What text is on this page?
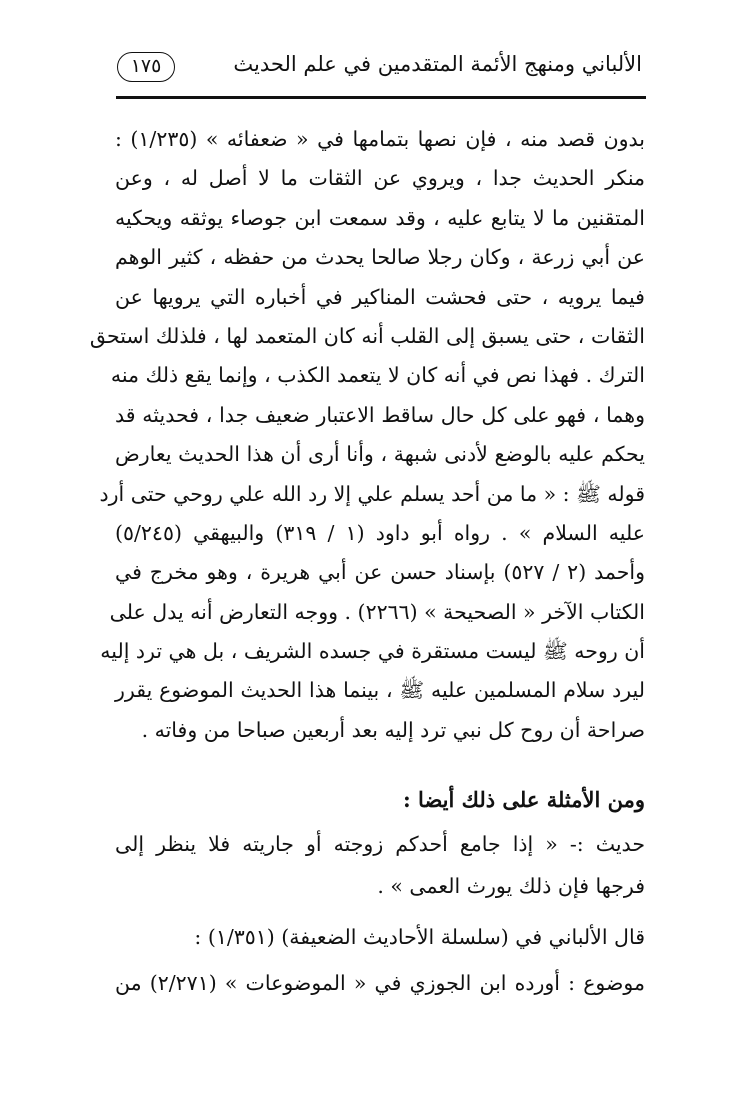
الألباني ومنهج الأئمة المتقدمين في علم الحديث
١٧٥
بدون قصد منه ، فإن نصها بتمامها في « ضعفائه » (١/٢٣٥) :
منكر الحديث جدا ، ويروي عن الثقات ما لا أصل له ، وعن
المتقنين ما لا يتابع عليه ، وقد سمعت ابن جوصاء يوثقه ويحكيه
عن أبي زرعة ، وكان رجلا صالحا يحدث من حفظه ، كثير الوهم
فيما يرويه ، حتى فحشت المناكير في أخباره التي يرويها عن
الثقات ، حتى يسبق إلى القلب أنه كان المتعمد لها ، فلذلك استحق
الترك . فهذا نص في أنه كان لا يتعمد الكذب ، وإنما يقع ذلك منه
وهما ، فهو على كل حال ساقط الاعتبار ضعيف جدا ، فحديثه قد
يحكم عليه بالوضع لأدنى شبهة ، وأنا أرى أن هذا الحديث يعارض
قوله ﷺ : « ما من أحد يسلم علي إلا رد الله علي روحي حتى أرد
عليه السلام » . رواه أبو داود (١ / ٣١٩) والبيهقي (٥/٢٤٥)
وأحمد (٢ / ٥٢٧) بإسناد حسن عن أبي هريرة ، وهو مخرج في
الكتاب الآخر « الصحيحة » (٢٢٦٦) . ووجه التعارض أنه يدل على
أن روحه ﷺ ليست مستقرة في جسده الشريف ، بل هي ترد إليه
ليرد سلام المسلمين عليه ﷺ ، بينما هذا الحديث الموضوع يقرر
صراحة أن روح كل نبي ترد إليه بعد أربعين صباحا من وفاته .
ومن الأمثلة على ذلك أيضا :
حديث :- « إذا جامع أحدكم زوجته أو جاريته فلا ينظر إلى
فرجها فإن ذلك يورث العمى » .
قال الألباني في (سلسلة الأحاديث الضعيفة) (١/٣٥١) :
موضوع : أورده ابن الجوزي في « الموضوعات » (٢/٢٧١) من
